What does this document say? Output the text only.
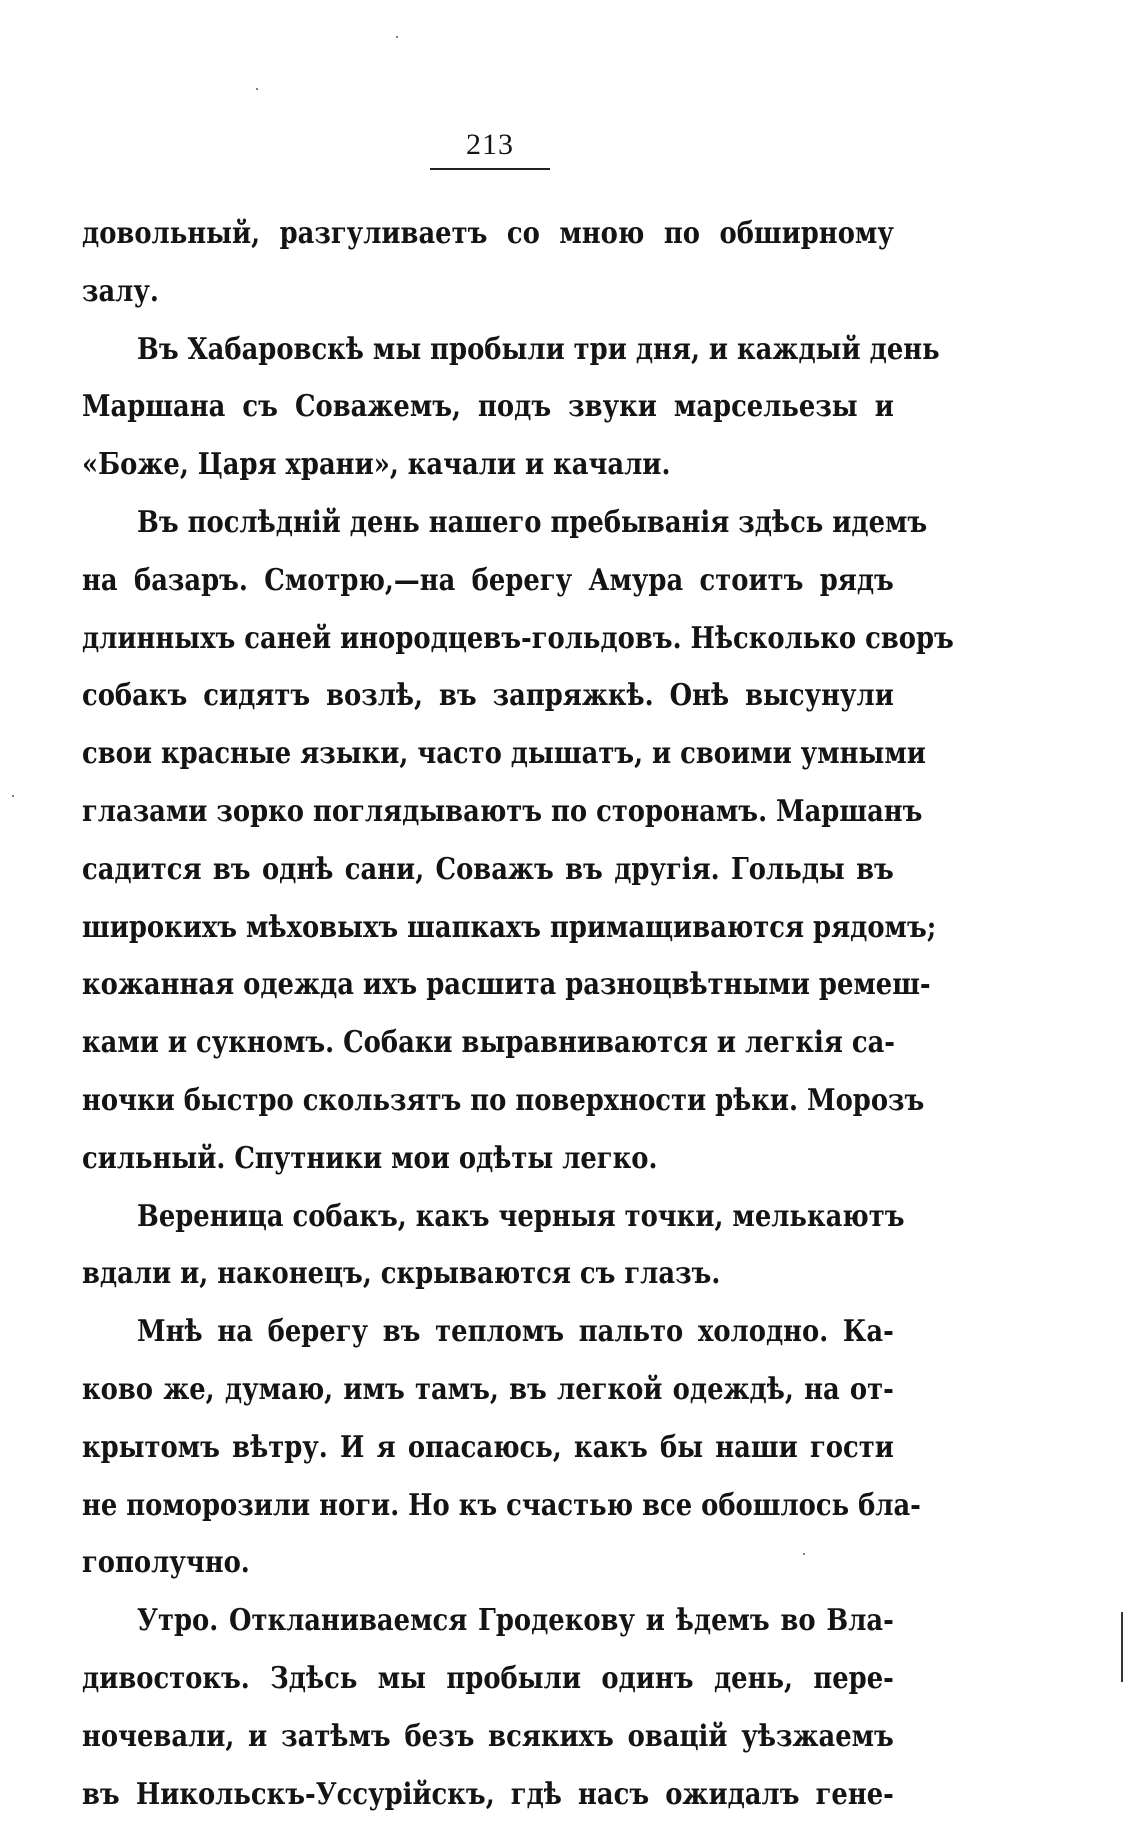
213
довольный, разгуливаетъ со мною по обширному
залу.
Въ Хабаровскѣ мы пробыли три дня, и каждый день
Маршана съ Соважемъ, подъ звуки марсельезы и
«Боже, Царя храни», качали и качали.
Въ послѣдній день нашего пребыванія здѣсь идемъ
на базаръ. Смотрю,—на берегу Амура стоитъ рядъ
длинныхъ саней инородцевъ-гольдовъ. Нѣсколько своръ
собакъ сидятъ возлѣ, въ запряжкѣ. Онѣ высунули
свои красные языки, часто дышатъ, и своими умными
глазами зорко поглядываютъ по сторонамъ. Маршанъ
садится въ однѣ сани, Соважъ въ другія. Гольды въ
широкихъ мѣховыхъ шапкахъ примащиваются рядомъ;
кожанная одежда ихъ расшита разноцвѣтными ремеш-
ками и сукномъ. Собаки выравниваются и легкія са-
ночки быстро скользятъ по поверхности рѣки. Морозъ
сильный. Спутники мои одѣты легко.
Вереница собакъ, какъ черныя точки, мелькаютъ
вдали и, наконецъ, скрываются съ глазъ.
Мнѣ на берегу въ тепломъ пальто холодно. Ка-
ково же, думаю, имъ тамъ, въ легкой одеждѣ, на от-
крытомъ вѣтру. И я опасаюсь, какъ бы наши гости
не поморозили ноги. Но къ счастью все обошлось бла-
гополучно.
Утро. Откланиваемся Гродекову и ѣдемъ во Вла-
дивостокъ. Здѣсь мы пробыли одинъ день, пере-
ночевали, и затѣмъ безъ всякихъ овацій уѣзжаемъ
въ Никольскъ-Уссурійскъ, гдѣ насъ ожидалъ гене-
